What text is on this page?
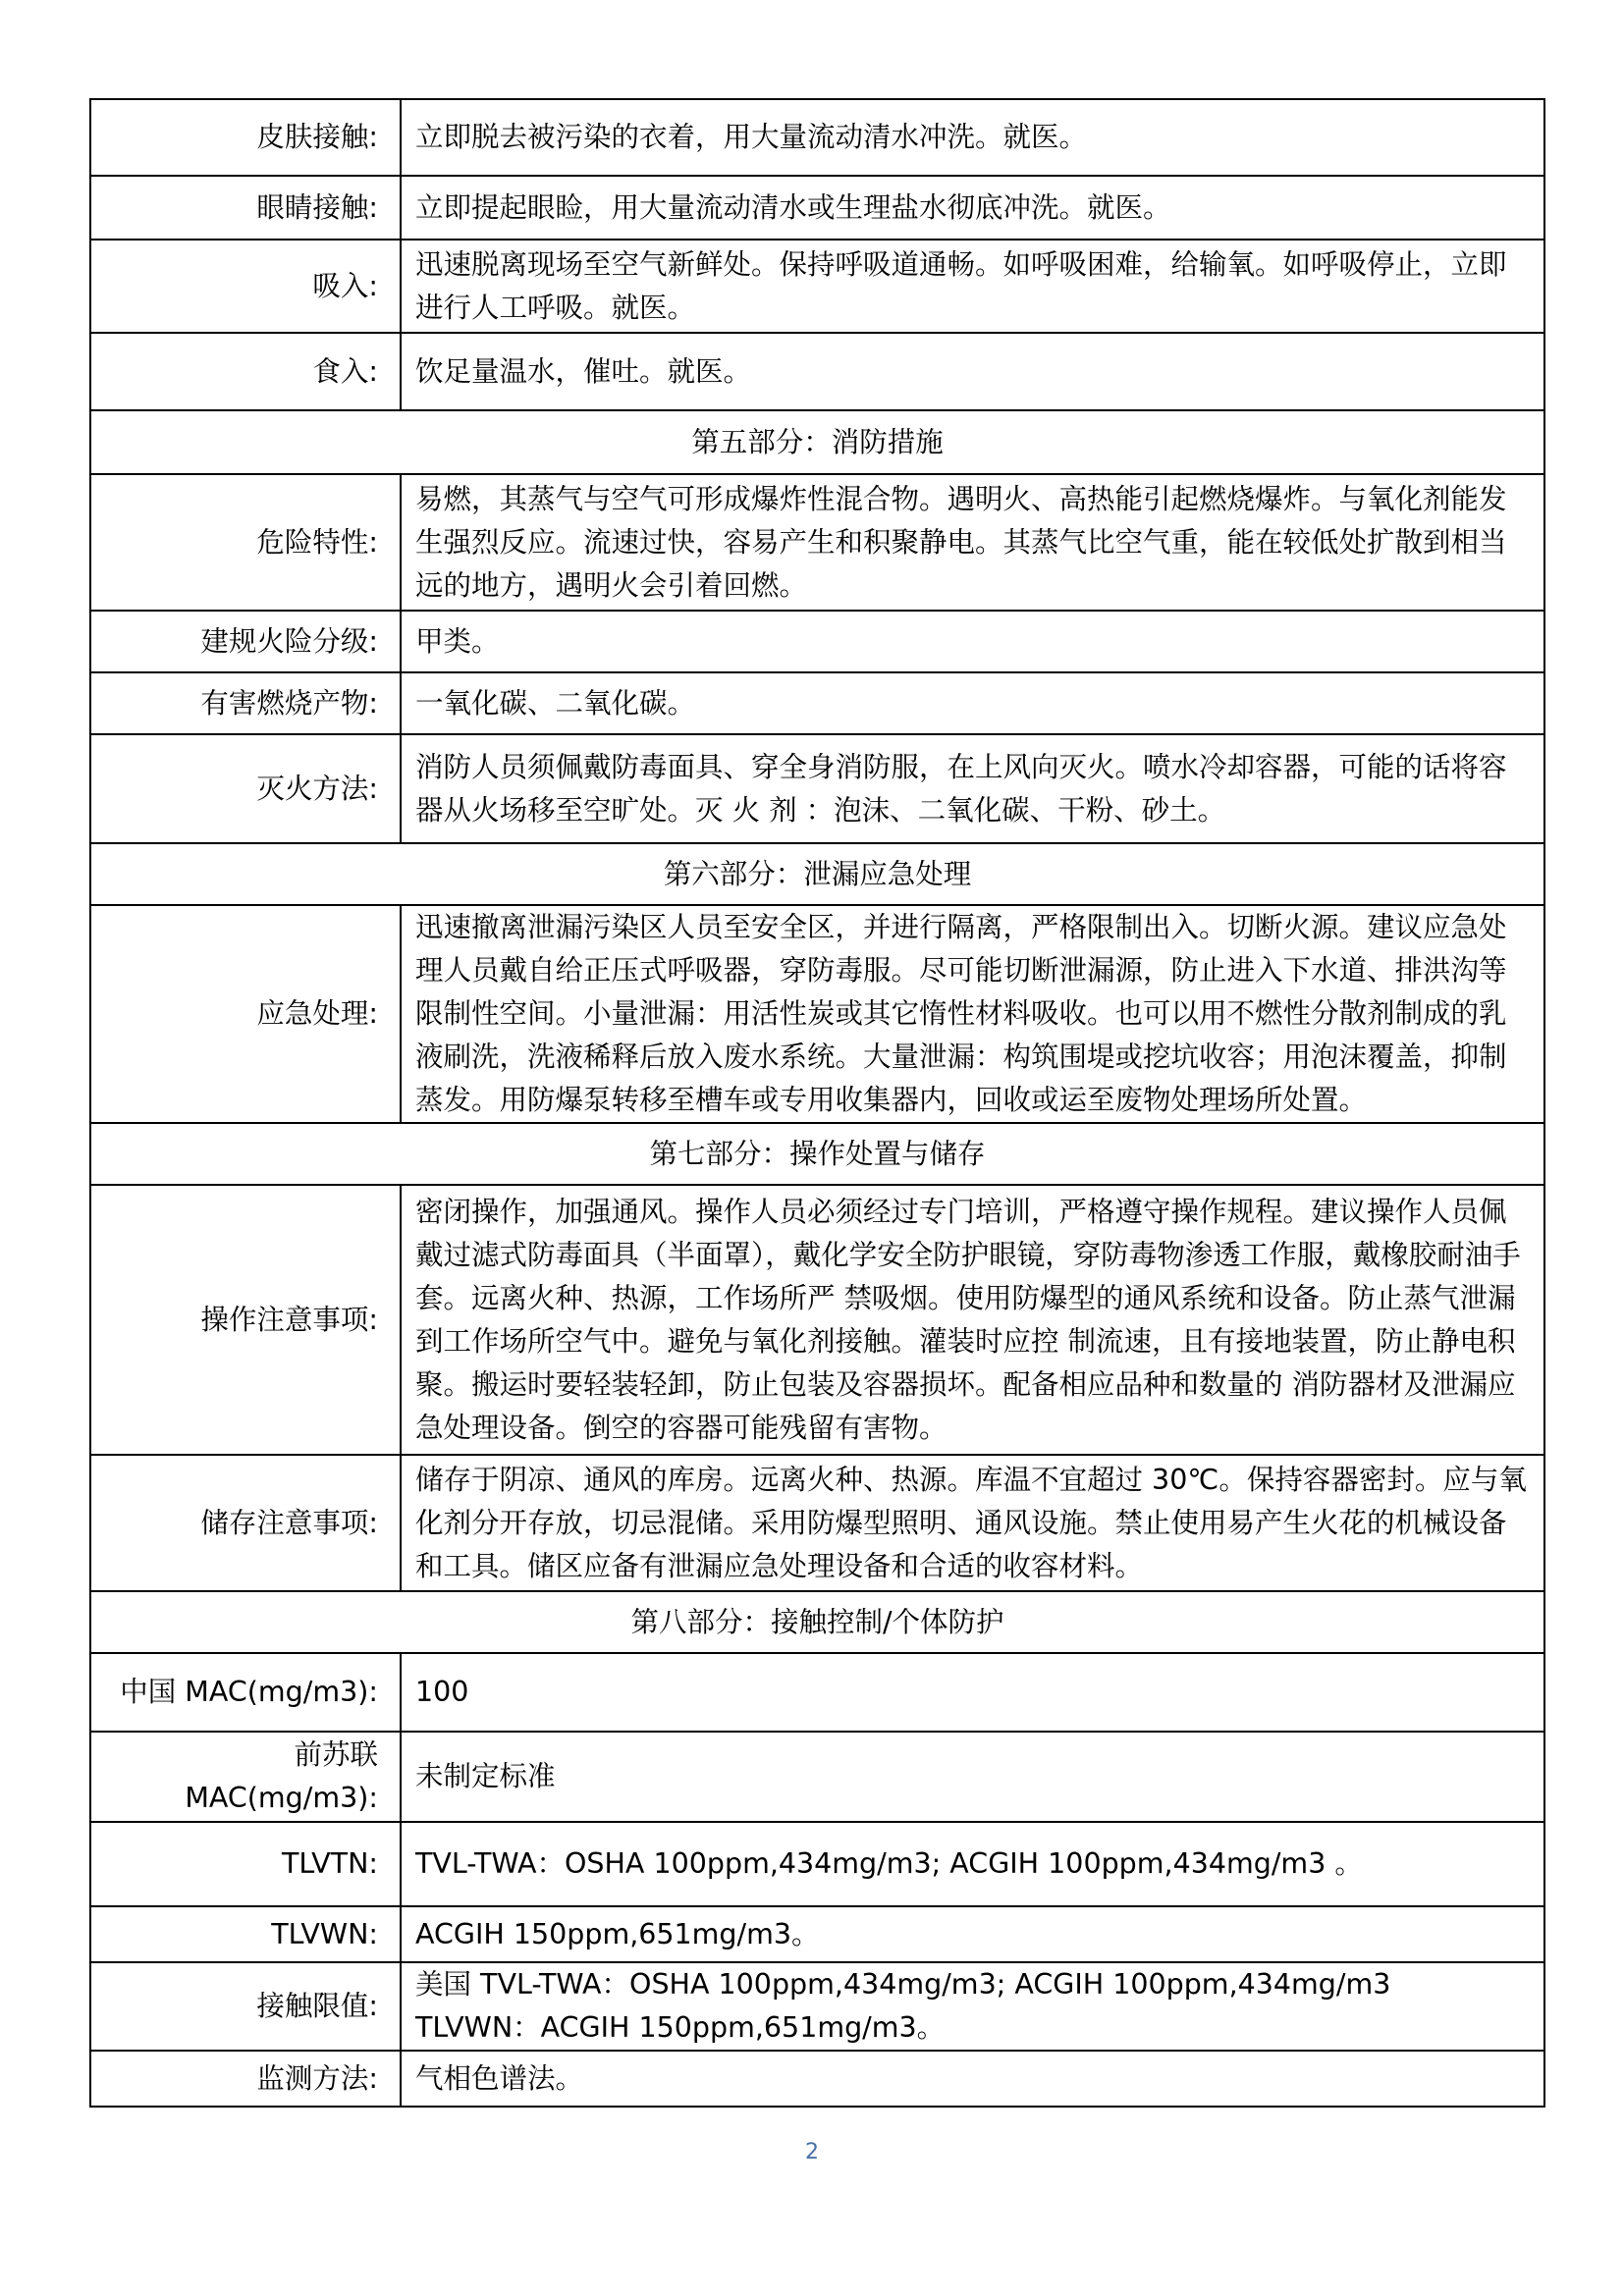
皮肤接触:	立即脱去被污染的衣着，用大量流动清水冲洗。就医。
眼睛接触:	立即提起眼睑，用大量流动清水或生理盐水彻底冲洗。就医。
吸入:	迅速脱离现场至空气新鲜处。保持呼吸道通畅。如呼吸困难，给输氧。如呼吸停止，立即进行人工呼吸。就医。
食入:	饮足量温水，催吐。就医。
第五部分：消防措施	
危险特性:	易燃，其蒸气与空气可形成爆炸性混合物。遇明火、高热能引起燃烧爆炸。与氧化剂能发生强烈反应。流速过快，容易产生和积聚静电。其蒸气比空气重，能在较低处扩散到相当远的地方，遇明火会引着回燃。
建规火险分级:	甲类。
有害燃烧产物:	一氧化碳、二氧化碳。
灭火方法:	消防人员须佩戴防毒面具、穿全身消防服，在上风向灭火。喷水冷却容器，可能的话将容器从火场移至空旷处。灭 火 剂 ：泡沫、二氧化碳、干粉、砂土。
第六部分：泄漏应急处理	
应急处理:	迅速撤离泄漏污染区人员至安全区，并进行隔离，严格限制出入。切断火源。建议应急处理人员戴自给正压式呼吸器，穿防毒服。尽可能切断泄漏源，防止进入下水道、排洪沟等限制性空间。小量泄漏：用活性炭或其它惰性材料吸收。也可以用不燃性分散剂制成的乳液刷洗，洗液稀释后放入废水系统。大量泄漏：构筑围堤或挖坑收容；用泡沫覆盖，抑制蒸发。用防爆泵转移至槽车或专用收集器内，回收或运至废物处理场所处置。
第七部分：操作处置与储存	
操作注意事项:	密闭操作，加强通风。操作人员必须经过专门培训，严格遵守操作规程。建议操作人员佩戴过滤式防毒面具（半面罩），戴化学安全防护眼镜，穿防毒物渗透工作服，戴橡胶耐油手套。远离火种、热源，工作场所严 禁吸烟。使用防爆型的通风系统和设备。防止蒸气泄漏到工作场所空气中。避免与氧化剂接触。灌装时应控 制流速，且有接地装置，防止静电积聚。搬运时要轻装轻卸，防止包装及容器损坏。配备相应品种和数量的 消防器材及泄漏应急处理设备。倒空的容器可能残留有害物。
储存注意事项:	储存于阴凉、通风的库房。远离火种、热源。库温不宜超过 30℃。保持容器密封。应与氧化剂分开存放，切忌混储。采用防爆型照明、通风设施。禁止使用易产生火花的机械设备和工具。储区应备有泄漏应急处理设备和合适的收容材料。
第八部分：接触控制/个体防护	
中国 MAC(mg/m3):	100
前苏联
MAC(mg/m3):	未制定标准
TLVTN:	TVL-TWA：OSHA 100ppm,434mg/m3; ACGIH 100ppm,434mg/m3 。
TLVWN:	ACGIH 150ppm,651mg/m3。
接触限值:	美国 TVL-TWA：OSHA 100ppm,434mg/m3; ACGIH 100ppm,434mg/m3
TLVWN：ACGIH 150ppm,651mg/m3。
监测方法:	气相色谱法。
2
